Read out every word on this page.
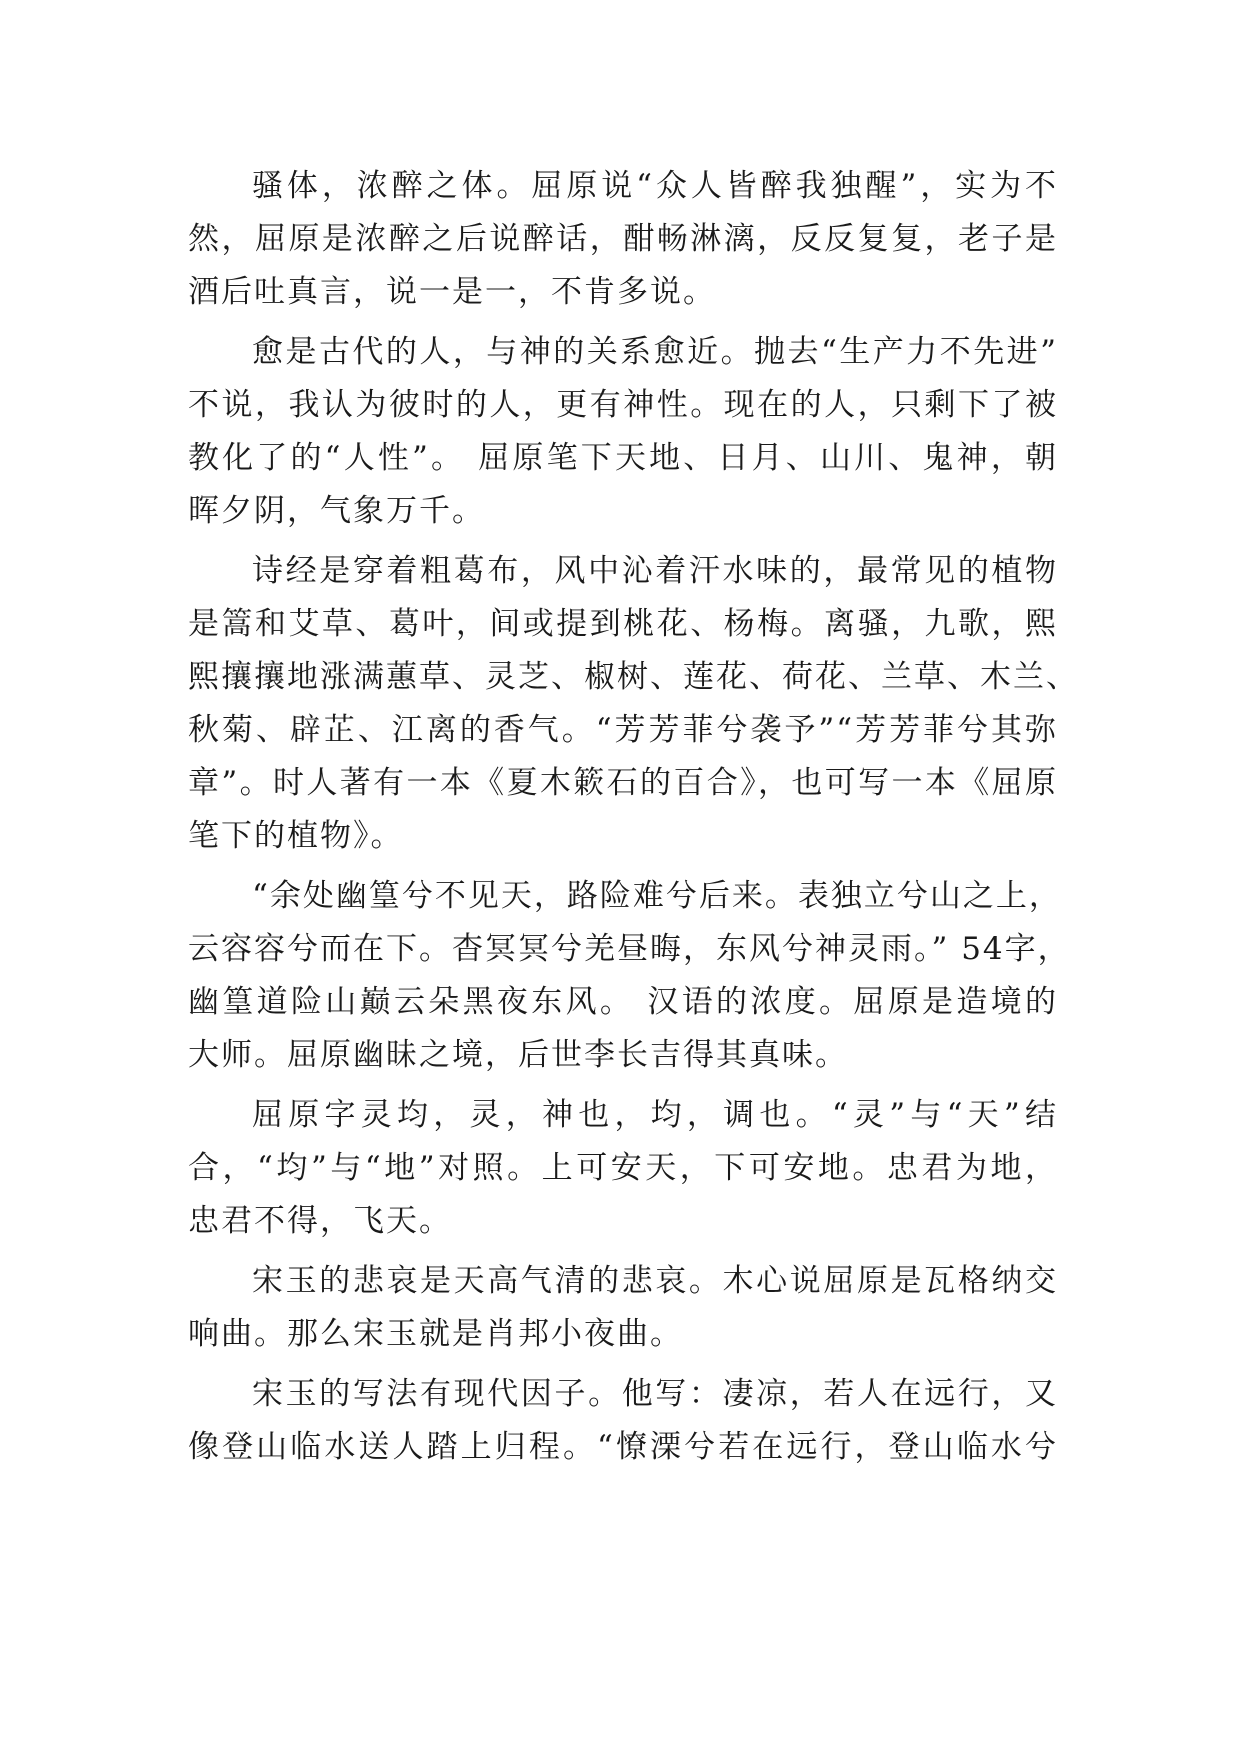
骚体，浓醉之体。屈原说“众人皆醉我独醒”，实为不
然，屈原是浓醉之后说醉话，酣畅淋漓，反反复复，老子是
酒后吐真言，说一是一，不肯多说。
愈是古代的人，与神的关系愈近。抛去“生产力不先进”
不说，我认为彼时的人，更有神性。现在的人，只剩下了被
教化了的“人性”。 屈原笔下天地、日月、山川、鬼神，朝
晖夕阴，气象万千。
诗经是穿着粗葛布，风中沁着汗水味的，最常见的植物
是篙和艾草、葛叶，间或提到桃花、杨梅。离骚，九歌，熙
熙攘攘地涨满蕙草、灵芝、椒树、莲花、荷花、兰草、木兰、
秋菊、辟芷、江离的香气。“芳芳菲兮袭予”“芳芳菲兮其弥
章”。时人著有一本《夏木簌石的百合》，也可写一本《屈原
笔下的植物》。
“余处幽篁兮不见天，路险难兮后来。表独立兮山之上，
云容容兮而在下。杳冥冥兮羌昼晦，东风兮神灵雨。” 54字，
幽篁道险山巅云朵黑夜东风。 汉语的浓度。屈原是造境的
大师。屈原幽昧之境，后世李长吉得其真味。
屈原字灵均，灵，神也，均，调也。“灵”与“天”结
合，“均”与“地”对照。上可安天，下可安地。忠君为地，
忠君不得，飞天。
宋玉的悲哀是天高气清的悲哀。木心说屈原是瓦格纳交
响曲。那么宋玉就是肖邦小夜曲。
宋玉的写法有现代因子。他写：凄凉，若人在远行，又
像登山临水送人踏上归程。“憭溧兮若在远行，登山临水兮
